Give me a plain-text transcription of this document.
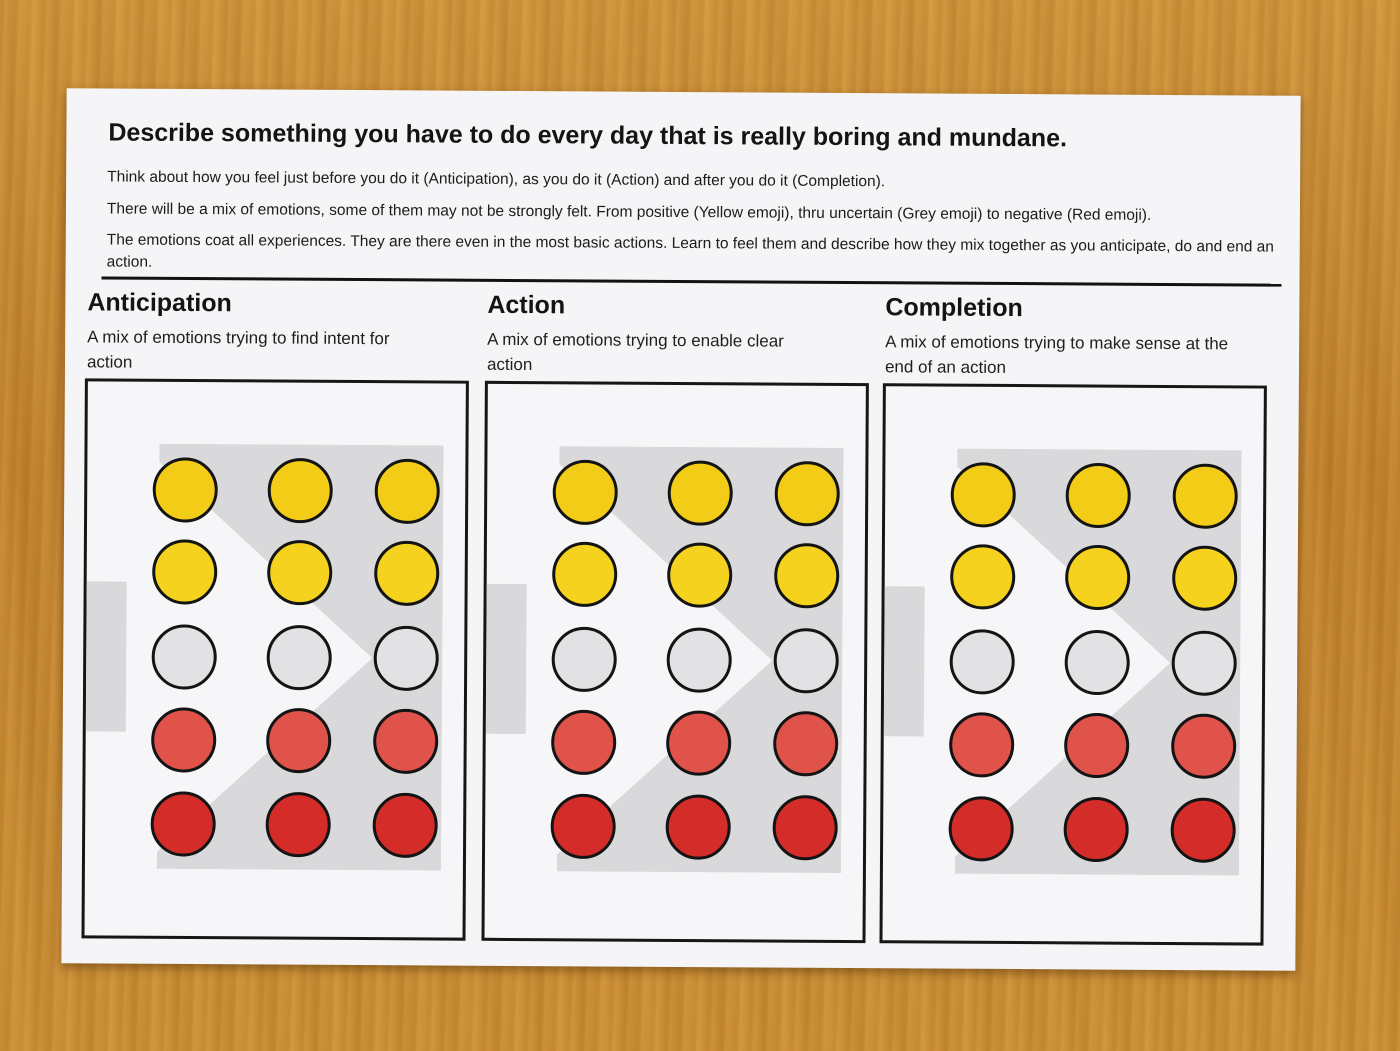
Describe something you have to do every day that is really boring and mundane.

Think about how you feel just before you do it (Anticipation), as you do it (Action) and after you do it (Completion).

There will be a mix of emotions, some of them may not be strongly felt. From positive (Yellow emoji), thru uncertain (Grey emoji) to negative (Red emoji).

The emotions coat all experiences. They are there even in the most basic actions. Learn to feel them and describe how they mix together as you anticipate, do and end an action.

Anticipation

A mix of emotions trying to find intent for action

Action

A mix of emotions trying to enable clear action

Completion

A mix of emotions trying to make sense at the end of an action
